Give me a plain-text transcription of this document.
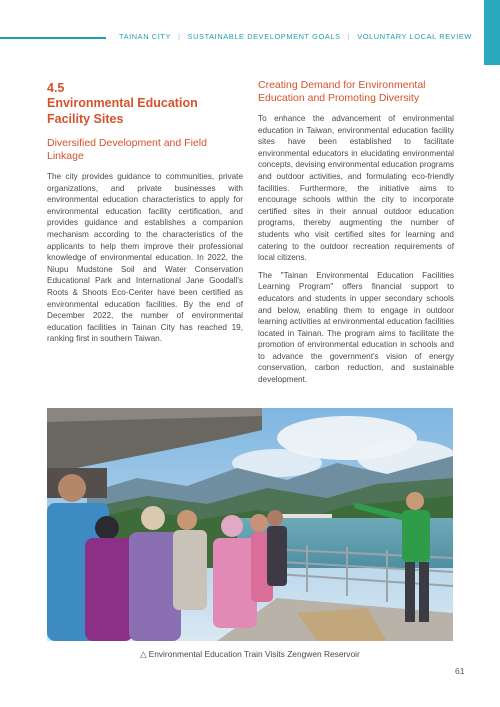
TAINAN CITY | SUSTAINABLE DEVELOPMENT GOALS | VOLUNTARY LOCAL REVIEW
4.5
Environmental Education Facility Sites
Diversified Development and Field Linkage

The city provides guidance to communities, private organizations, and private businesses with environmental education characteristics to apply for environmental education facility certification, and provides guidance and establishes a companion mechanism according to the characteristics of the applicants to help them improve their professional knowledge of environmental education. In 2022, the Niupu Mudstone Soil and Water Conservation Educational Park and International Jane Goodall's Roots & Shoots Eco-Center have been certified as environmental education facilities. By the end of December 2022, the number of environmental education facilities in Tainan City has reached 19, ranking first in southern Taiwan.

Creating Demand for Environmental Education and Promoting Diversity

To enhance the advancement of environmental education in Taiwan, environmental education facility sites have been established to facilitate environmental educators in elucidating environmental concepts, devising environmental education programs and outdoor activities, and formulating eco-friendly facilities. Furthermore, the initiative aims to encourage schools within the city to incorporate certified sites in their annual outdoor education programs, thereby augmenting the number of students who visit certified sites for learning and catering to the outdoor recreation requirements of local citizens.

The "Tainan Environmental Education Facilities Learning Program" offers financial support to educators and students in upper secondary schools and below, enabling them to engage in outdoor learning activities at environmental education facilities located in Tainan. The program aims to facilitate the promotion of environmental education in schools and to advance the government's vision of energy conservation, carbon reduction, and sustainable development.

△ Environmental Education Train Visits Zengwen Reservoir
61
